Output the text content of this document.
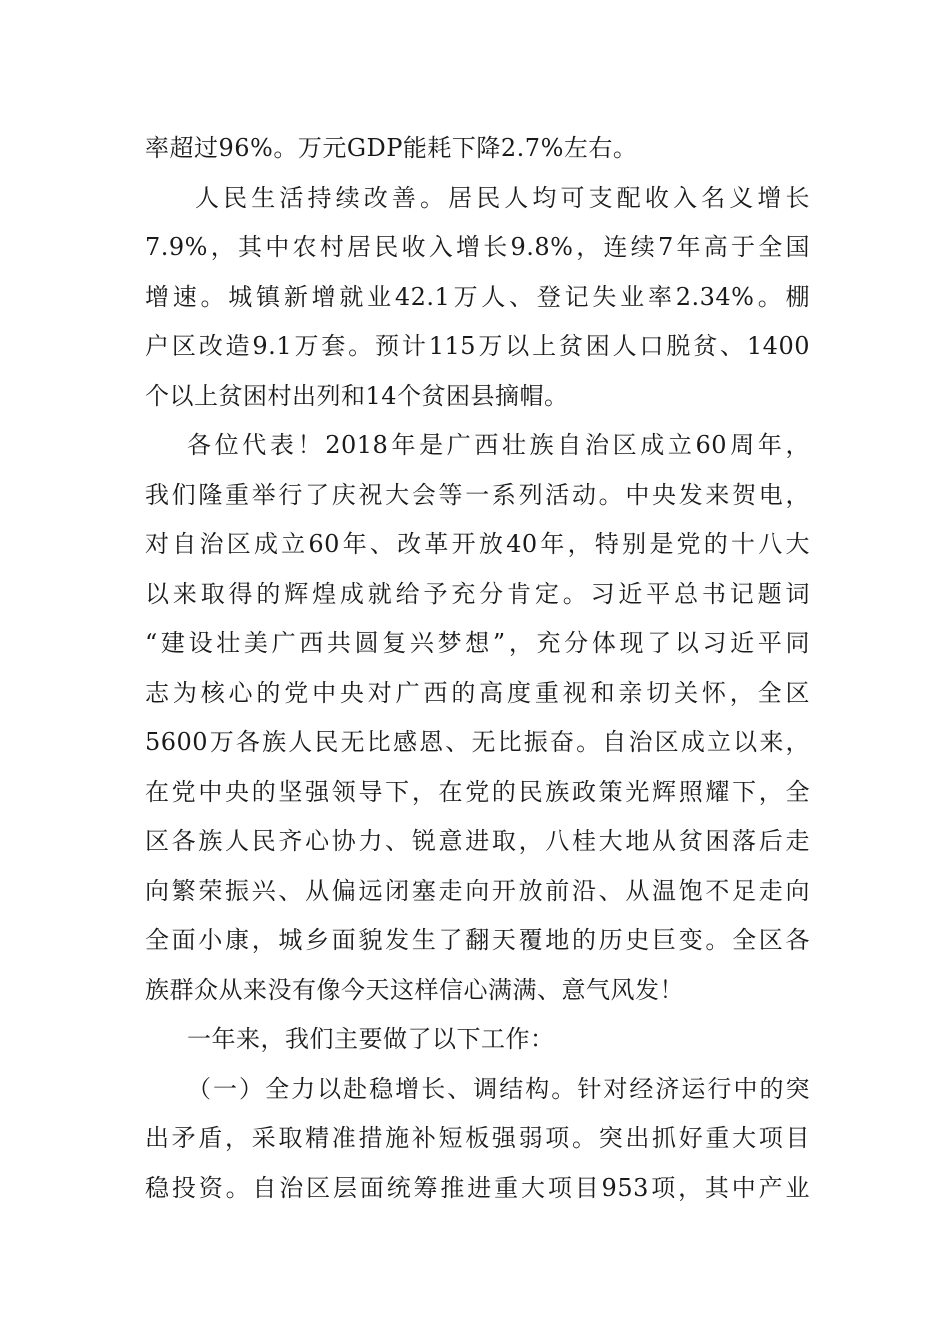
率超过96%。万元GDP能耗下降2.7%左右。
人民生活持续改善。居民人均可支配收入名义增长
7.9%，其中农村居民收入增长9.8%，连续7年高于全国
增速。城镇新增就业42.1万人、登记失业率2.34%。棚
户区改造9.1万套。预计115万以上贫困人口脱贫、1400
个以上贫困村出列和14个贫困县摘帽。
各位代表！2018年是广西壮族自治区成立60周年，
我们隆重举行了庆祝大会等一系列活动。中央发来贺电，
对自治区成立60年、改革开放40年，特别是党的十八大
以来取得的辉煌成就给予充分肯定。习近平总书记题词
“建设壮美广西共圆复兴梦想”，充分体现了以习近平同
志为核心的党中央对广西的高度重视和亲切关怀，全区
5600万各族人民无比感恩、无比振奋。自治区成立以来，
在党中央的坚强领导下，在党的民族政策光辉照耀下，全
区各族人民齐心协力、锐意进取，八桂大地从贫困落后走
向繁荣振兴、从偏远闭塞走向开放前沿、从温饱不足走向
全面小康，城乡面貌发生了翻天覆地的历史巨变。全区各
族群众从来没有像今天这样信心满满、意气风发！
一年来，我们主要做了以下工作：
（一）全力以赴稳增长、调结构。针对经济运行中的突
出矛盾，采取精准措施补短板强弱项。突出抓好重大项目
稳投资。自治区层面统筹推进重大项目953项，其中产业
